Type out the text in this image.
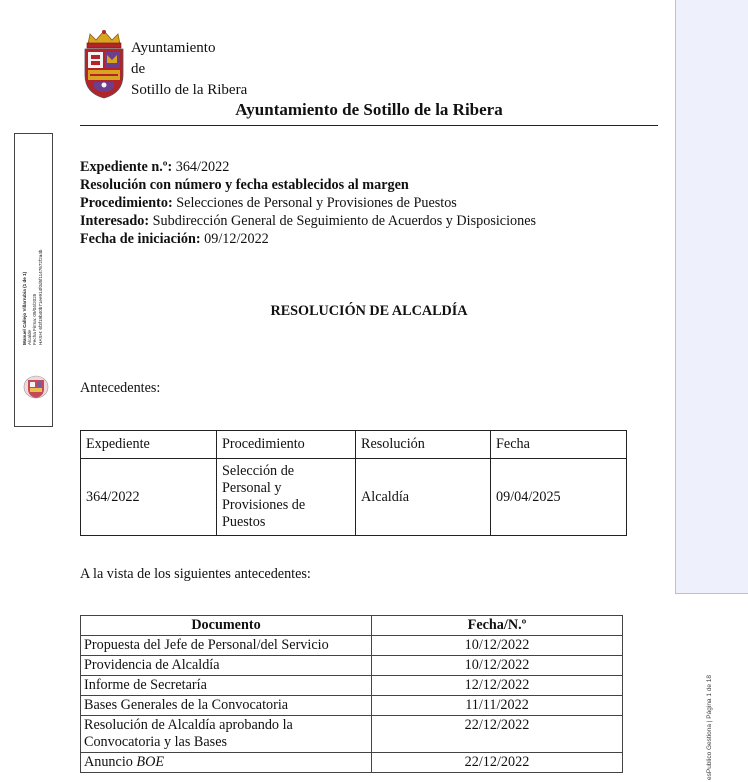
esPublico Gestiona | Página 1 de 18
Manuel Callejo Villarrubia (1 de 1) Alcalde Fecha Firma: 09/04/2025 HASH: 6f3f19b40b71ee914f0d5f1147672f2a4b
Ayuntamiento
de
Sotillo de la Ribera
Ayuntamiento de Sotillo de la Ribera
Expediente n.º: 364/2022
Resolución con número y fecha establecidos al margen
Procedimiento: Selecciones de Personal y Provisiones de Puestos
Interesado: Subdirección General de Seguimiento de Acuerdos y Disposiciones
Fecha de iniciación: 09/12/2022
RESOLUCIÓN DE ALCALDÍA
Antecedentes:
Expediente	Procedimiento	Resolución	Fecha
364/2022	Selección de
Personal y
Provisiones de
Puestos	Alcaldía	09/04/2025
A la vista de los siguientes antecedentes:
Documento	Fecha/N.º
Propuesta del Jefe de Personal/del Servicio	10/12/2022
Providencia de Alcaldía	10/12/2022
Informe de Secretaría	12/12/2022
Bases Generales de la Convocatoria	11/11/2022

Resolución de Alcaldía aprobando la
Convocatoria y las Bases	22/12/2022
Anuncio BOE	22/12/2022
